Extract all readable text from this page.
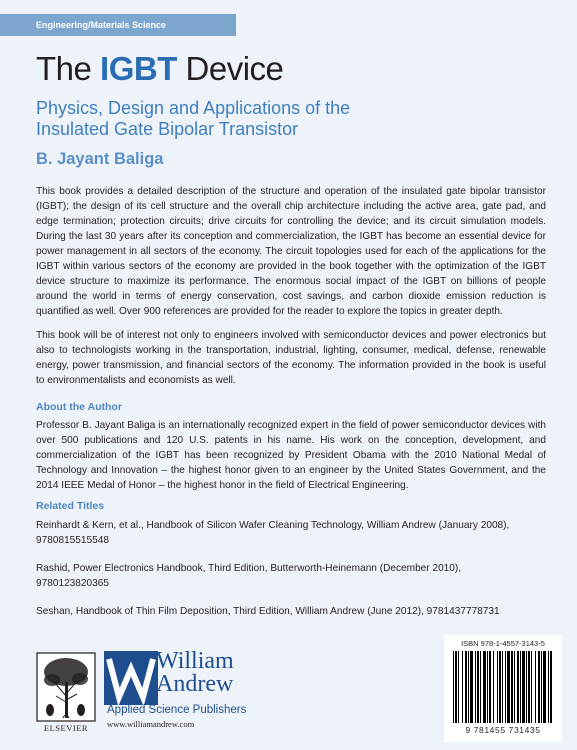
Engineering/Materials Science
The IGBT Device
Physics, Design and Applications of the
Insulated Gate Bipolar Transistor
B. Jayant Baliga
This book provides a detailed description of the structure and operation of the insulated gate bipolar transistor (IGBT); the design of its cell structure and the overall chip architecture including the active area, gate pad, and edge termination; protection circuits; drive circuits for controlling the device; and its circuit simulation models. During the last 30 years after its conception and commercialization, the IGBT has become an essential device for power management in all sectors of the economy. The circuit topologies used for each of the applications for the IGBT within various sectors of the economy are provided in the book together with the optimization of the IGBT device structure to maximize its performance. The enormous social impact of the IGBT on billions of people around the world in terms of energy conservation, cost savings, and carbon dioxide emission reduction is quantified as well. Over 900 references are provided for the reader to explore the topics in greater depth.
This book will be of interest not only to engineers involved with semiconductor devices and power electronics but also to technologists working in the transportation, industrial, lighting, consumer, medical, defense, renewable energy, power transmission, and financial sectors of the economy. The information provided in the book is useful to environmentalists and economists as well.
About the Author
Professor B. Jayant Baliga is an internationally recognized expert in the field of power semiconductor devices with over 500 publications and 120 U.S. patents in his name. His work on the conception, development, and commercialization of the IGBT has been recognized by President Obama with the 2010 National Medal of Technology and Innovation – the highest honor given to an engineer by the United States Government, and the 2014 IEEE Medal of Honor – the highest honor in the field of Electrical Engineering.
Related Titles
Reinhardt & Kern, et al., Handbook of Silicon Wafer Cleaning Technology, William Andrew (January 2008),
9780815515548
Rashid, Power Electronics Handbook, Third Edition, Butterworth-Heinemann (December 2010),
9780123820365
Seshan, Handbook of Thin Film Deposition, Third Edition, William Andrew (June 2012), 9781437778731
ELSEVIER
William
Andrew
Applied Science Publishers
www.williamandrew.com
ISBN 978-1-4557-3143-5
9 781455 731435
